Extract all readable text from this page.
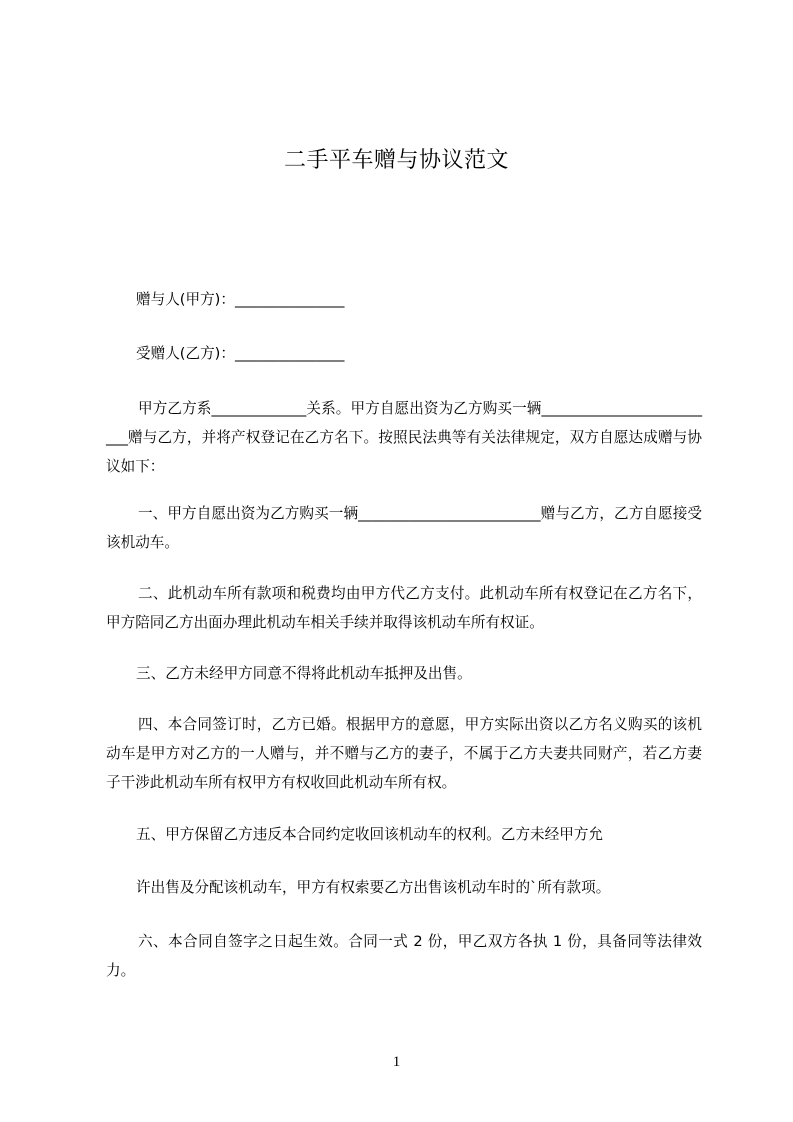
二手平车赠与协议范文
赠与人(甲方)：_______________
受赠人(乙方)：_______________
甲方乙方系_____________关系。甲方自愿出资为乙方购买一辆_________________________赠与乙方，并将产权登记在乙方名下。按照民法典等有关法律规定，双方自愿达成赠与协议如下：
一、甲方自愿出资为乙方购买一辆_________________________赠与乙方，乙方自愿接受该机动车。
二、此机动车所有款项和税费均由甲方代乙方支付。此机动车所有权登记在乙方名下，甲方陪同乙方出面办理此机动车相关手续并取得该机动车所有权证。
三、乙方未经甲方同意不得将此机动车抵押及出售。
四、本合同签订时，乙方已婚。根据甲方的意愿，甲方实际出资以乙方名义购买的该机动车是甲方对乙方的一人赠与，并不赠与乙方的妻子，不属于乙方夫妻共同财产，若乙方妻子干涉此机动车所有权甲方有权收回此机动车所有权。
五、甲方保留乙方违反本合同约定收回该机动车的权利。乙方未经甲方允
许出售及分配该机动车，甲方有权索要乙方出售该机动车时的`所有款项。
六、本合同自签字之日起生效。合同一式 2 份，甲乙双方各执 1 份，具备同等法律效力。
1
